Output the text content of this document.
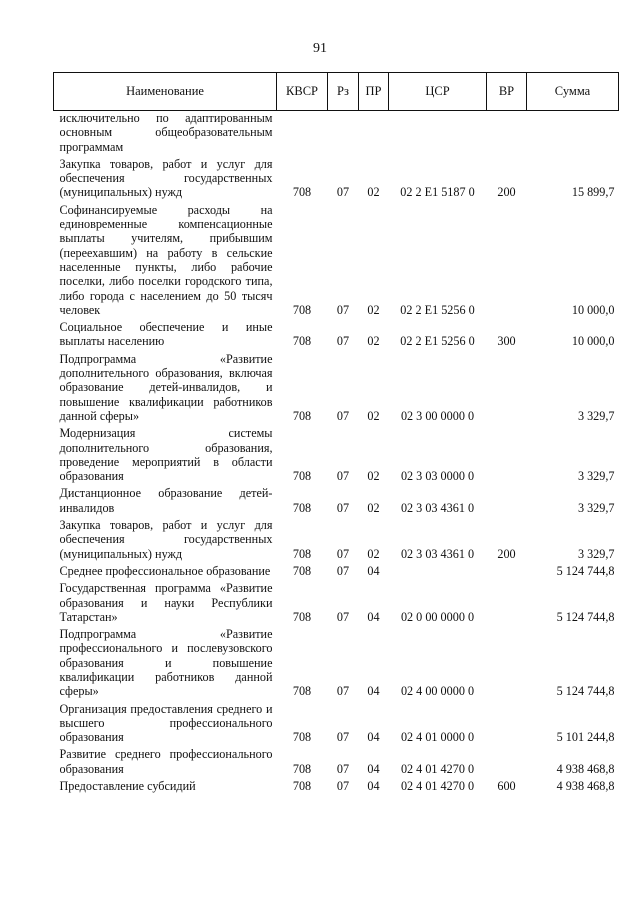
91
Наименование	КВСР	Рз	ПР	ЦСР	ВР	Сумма
исключительно по адаптированным основным общеобразовательным программам						
Закупка товаров, работ и услуг для обеспечения государственных (муниципальных) нужд	708	07	02	02 2 Е1 5187 0	200	15 899,7
Софинансируемые расходы на единовременные компенсационные выплаты учителям, прибывшим (переехавшим) на работу в сельские населенные пункты, либо рабочие поселки, либо поселки городского типа, либо города с населением до 50 тысяч человек	708	07	02	02 2 Е1 5256 0		10 000,0
Социальное обеспечение и иные выплаты населению	708	07	02	02 2 Е1 5256 0	300	10 000,0
Подпрограмма «Развитие дополнительного образования, включая образование детей-инвалидов, и повышение квалификации работников данной сферы»	708	07	02	02 3 00 0000 0		3 329,7
Модернизация системы дополнительного образования, проведение мероприятий в области образования	708	07	02	02 3 03 0000 0		3 329,7
Дистанционное образование детей-инвалидов	708	07	02	02 3 03 4361 0		3 329,7
Закупка товаров, работ и услуг для обеспечения государственных (муниципальных) нужд	708	07	02	02 3 03 4361 0	200	3 329,7
Среднее профессиональное образование	708	07	04			5 124 744,8
Государственная программа «Развитие образования и науки Республики Татарстан»	708	07	04	02 0 00 0000 0		5 124 744,8
Подпрограмма «Развитие профессионального и послевузовского образования и повышение квалификации работников данной сферы»	708	07	04	02 4 00 0000 0		5 124 744,8
Организация предоставления среднего и высшего профессионального образования	708	07	04	02 4 01 0000 0		5 101 244,8
Развитие среднего профессионального образования	708	07	04	02 4 01 4270 0		4 938 468,8
Предоставление субсидий	708	07	04	02 4 01 4270 0	600	4 938 468,8
